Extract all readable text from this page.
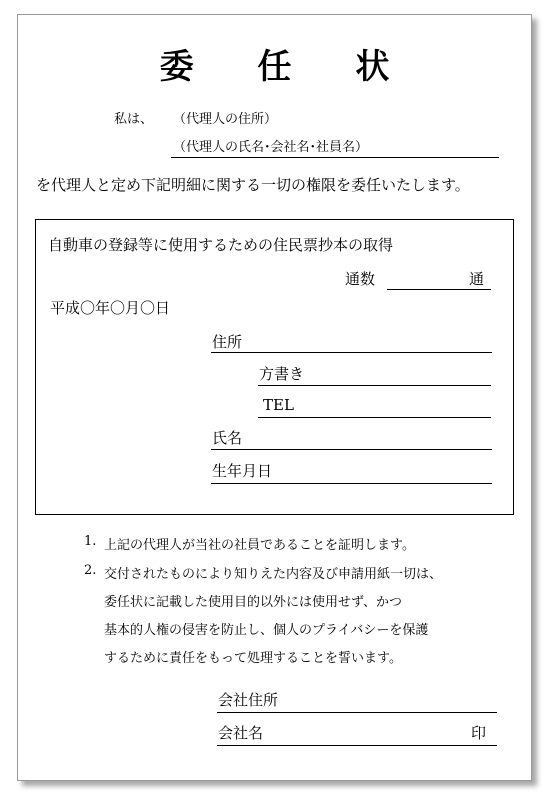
委 任 状
私は、 （代理人の住所）
（代理人の氏名･会社名･社員名）
を代理人と定め下記明細に関する一切の権限を委任いたします。
自動車の登録等に使用するための住民票抄本の取得
通数	通
平成〇年〇月〇日
住所
方書き
TEL
氏名
生年月日
1. 上記の代理人が当社の社員であることを証明します。
2. 交付されたものにより知りえた内容及び申請用紙一切は、
委任状に記載した使用目的以外には使用せず、かつ
基本的人権の侵害を防止し、個人のプライバシーを保護
するために責任をもって処理することを誓います。
会社住所
会社名	印
